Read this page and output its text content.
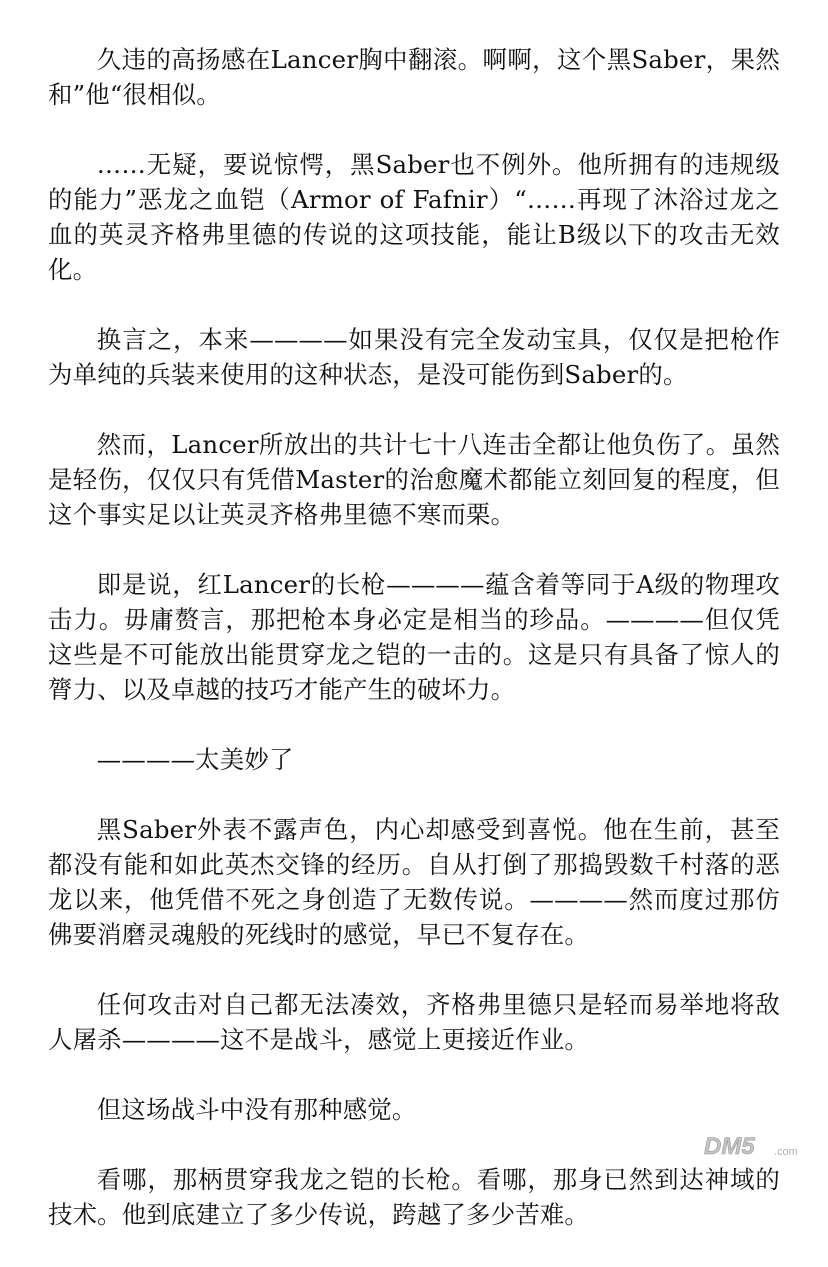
久违的高扬感在Lancer胸中翻滚。啊啊，这个黑Saber，果然和”他“很相似。

……无疑，要说惊愕，黑Saber也不例外。他所拥有的违规级的能力”恶龙之血铠（Armor of Fafnir）“……再现了沐浴过龙之血的英灵齐格弗里德的传说的这项技能，能让B级以下的攻击无效化。

换言之，本来————如果没有完全发动宝具，仅仅是把枪作为单纯的兵装来使用的这种状态，是没可能伤到Saber的。

然而，Lancer所放出的共计七十八连击全都让他负伤了。虽然是轻伤，仅仅只有凭借Master的治愈魔术都能立刻回复的程度，但这个事实足以让英灵齐格弗里德不寒而栗。

即是说，红Lancer的长枪————蕴含着等同于A级的物理攻击力。毋庸赘言，那把枪本身必定是相当的珍品。————但仅凭这些是不可能放出能贯穿龙之铠的一击的。这是只有具备了惊人的膂力、以及卓越的技巧才能产生的破坏力。

————太美妙了

黑Saber外表不露声色，内心却感受到喜悦。他在生前，甚至都没有能和如此英杰交锋的经历。自从打倒了那捣毁数千村落的恶龙以来，他凭借不死之身创造了无数传说。————然而度过那仿佛要消磨灵魂般的死线时的感觉，早已不复存在。

任何攻击对自己都无法凑效，齐格弗里德只是轻而易举地将敌人屠杀————这不是战斗，感觉上更接近作业。

但这场战斗中没有那种感觉。

看哪，那柄贯穿我龙之铠的长枪。看哪，那身已然到达神域的技术。他到底建立了多少传说，跨越了多少苦难。

DM5 .com
